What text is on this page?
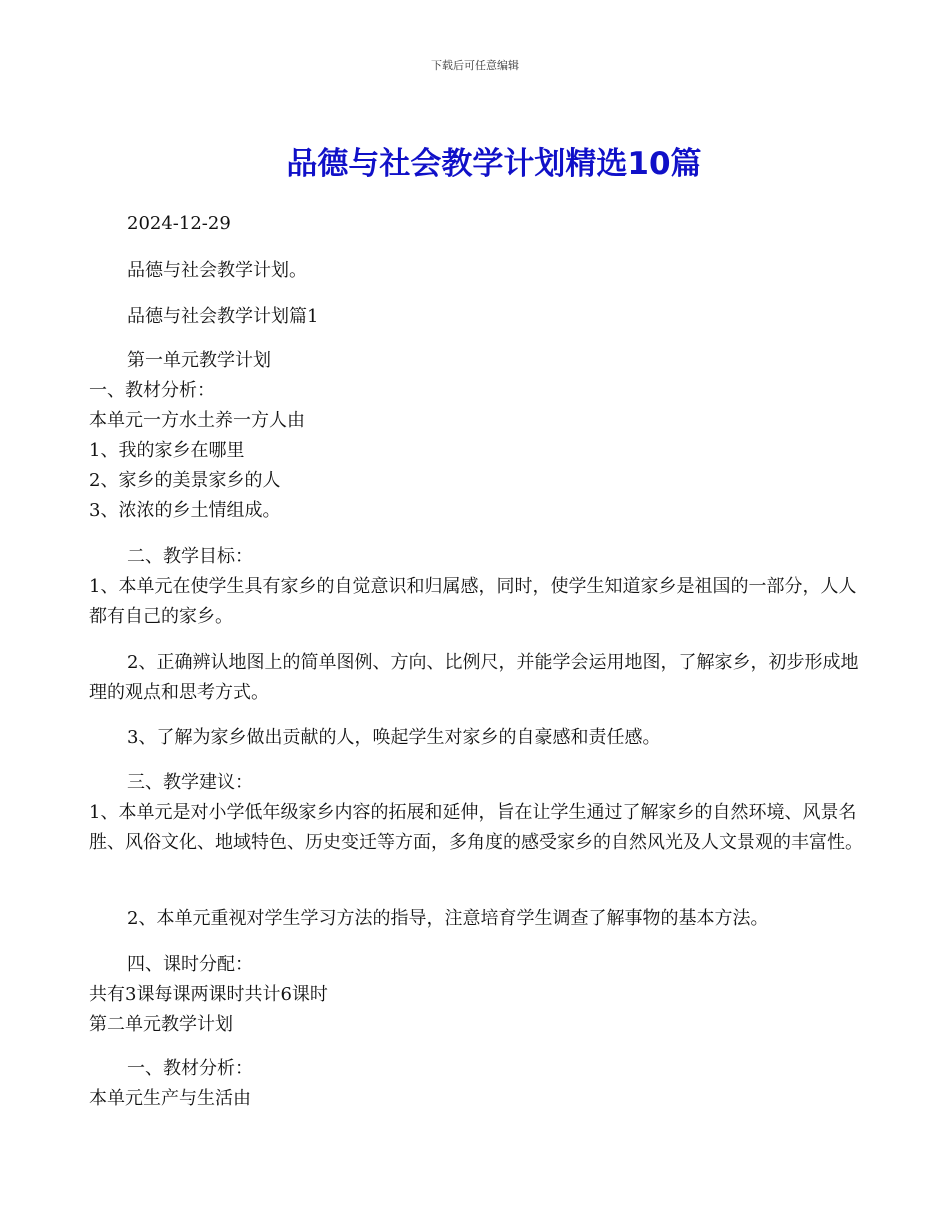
下载后可任意编辑
品德与社会教学计划精选10篇

2024-12-29

品德与社会教学计划。

品德与社会教学计划篇1

第一单元教学计划

一、教材分析：

本单元一方水土养一方人由

1、我的家乡在哪里

2、家乡的美景家乡的人

3、浓浓的乡土情组成。

二、教学目标：

1、本单元在使学生具有家乡的自觉意识和归属感，同时，使学生知道家乡是祖国的一部分，人人都有自己的家乡。

2、正确辨认地图上的简单图例、方向、比例尺，并能学会运用地图，了解家乡，初步形成地理的观点和思考方式。

3、了解为家乡做出贡献的人，唤起学生对家乡的自豪感和责任感。

三、教学建议：

1、本单元是对小学低年级家乡内容的拓展和延伸，旨在让学生通过了解家乡的自然环境、风景名胜、风俗文化、地域特色、历史变迁等方面，多角度的感受家乡的自然风光及人文景观的丰富性。

2、本单元重视对学生学习方法的指导，注意培育学生调查了解事物的基本方法。

四、课时分配：

共有3课每课两课时共计6课时

第二单元教学计划

一、教材分析：

本单元生产与生活由
